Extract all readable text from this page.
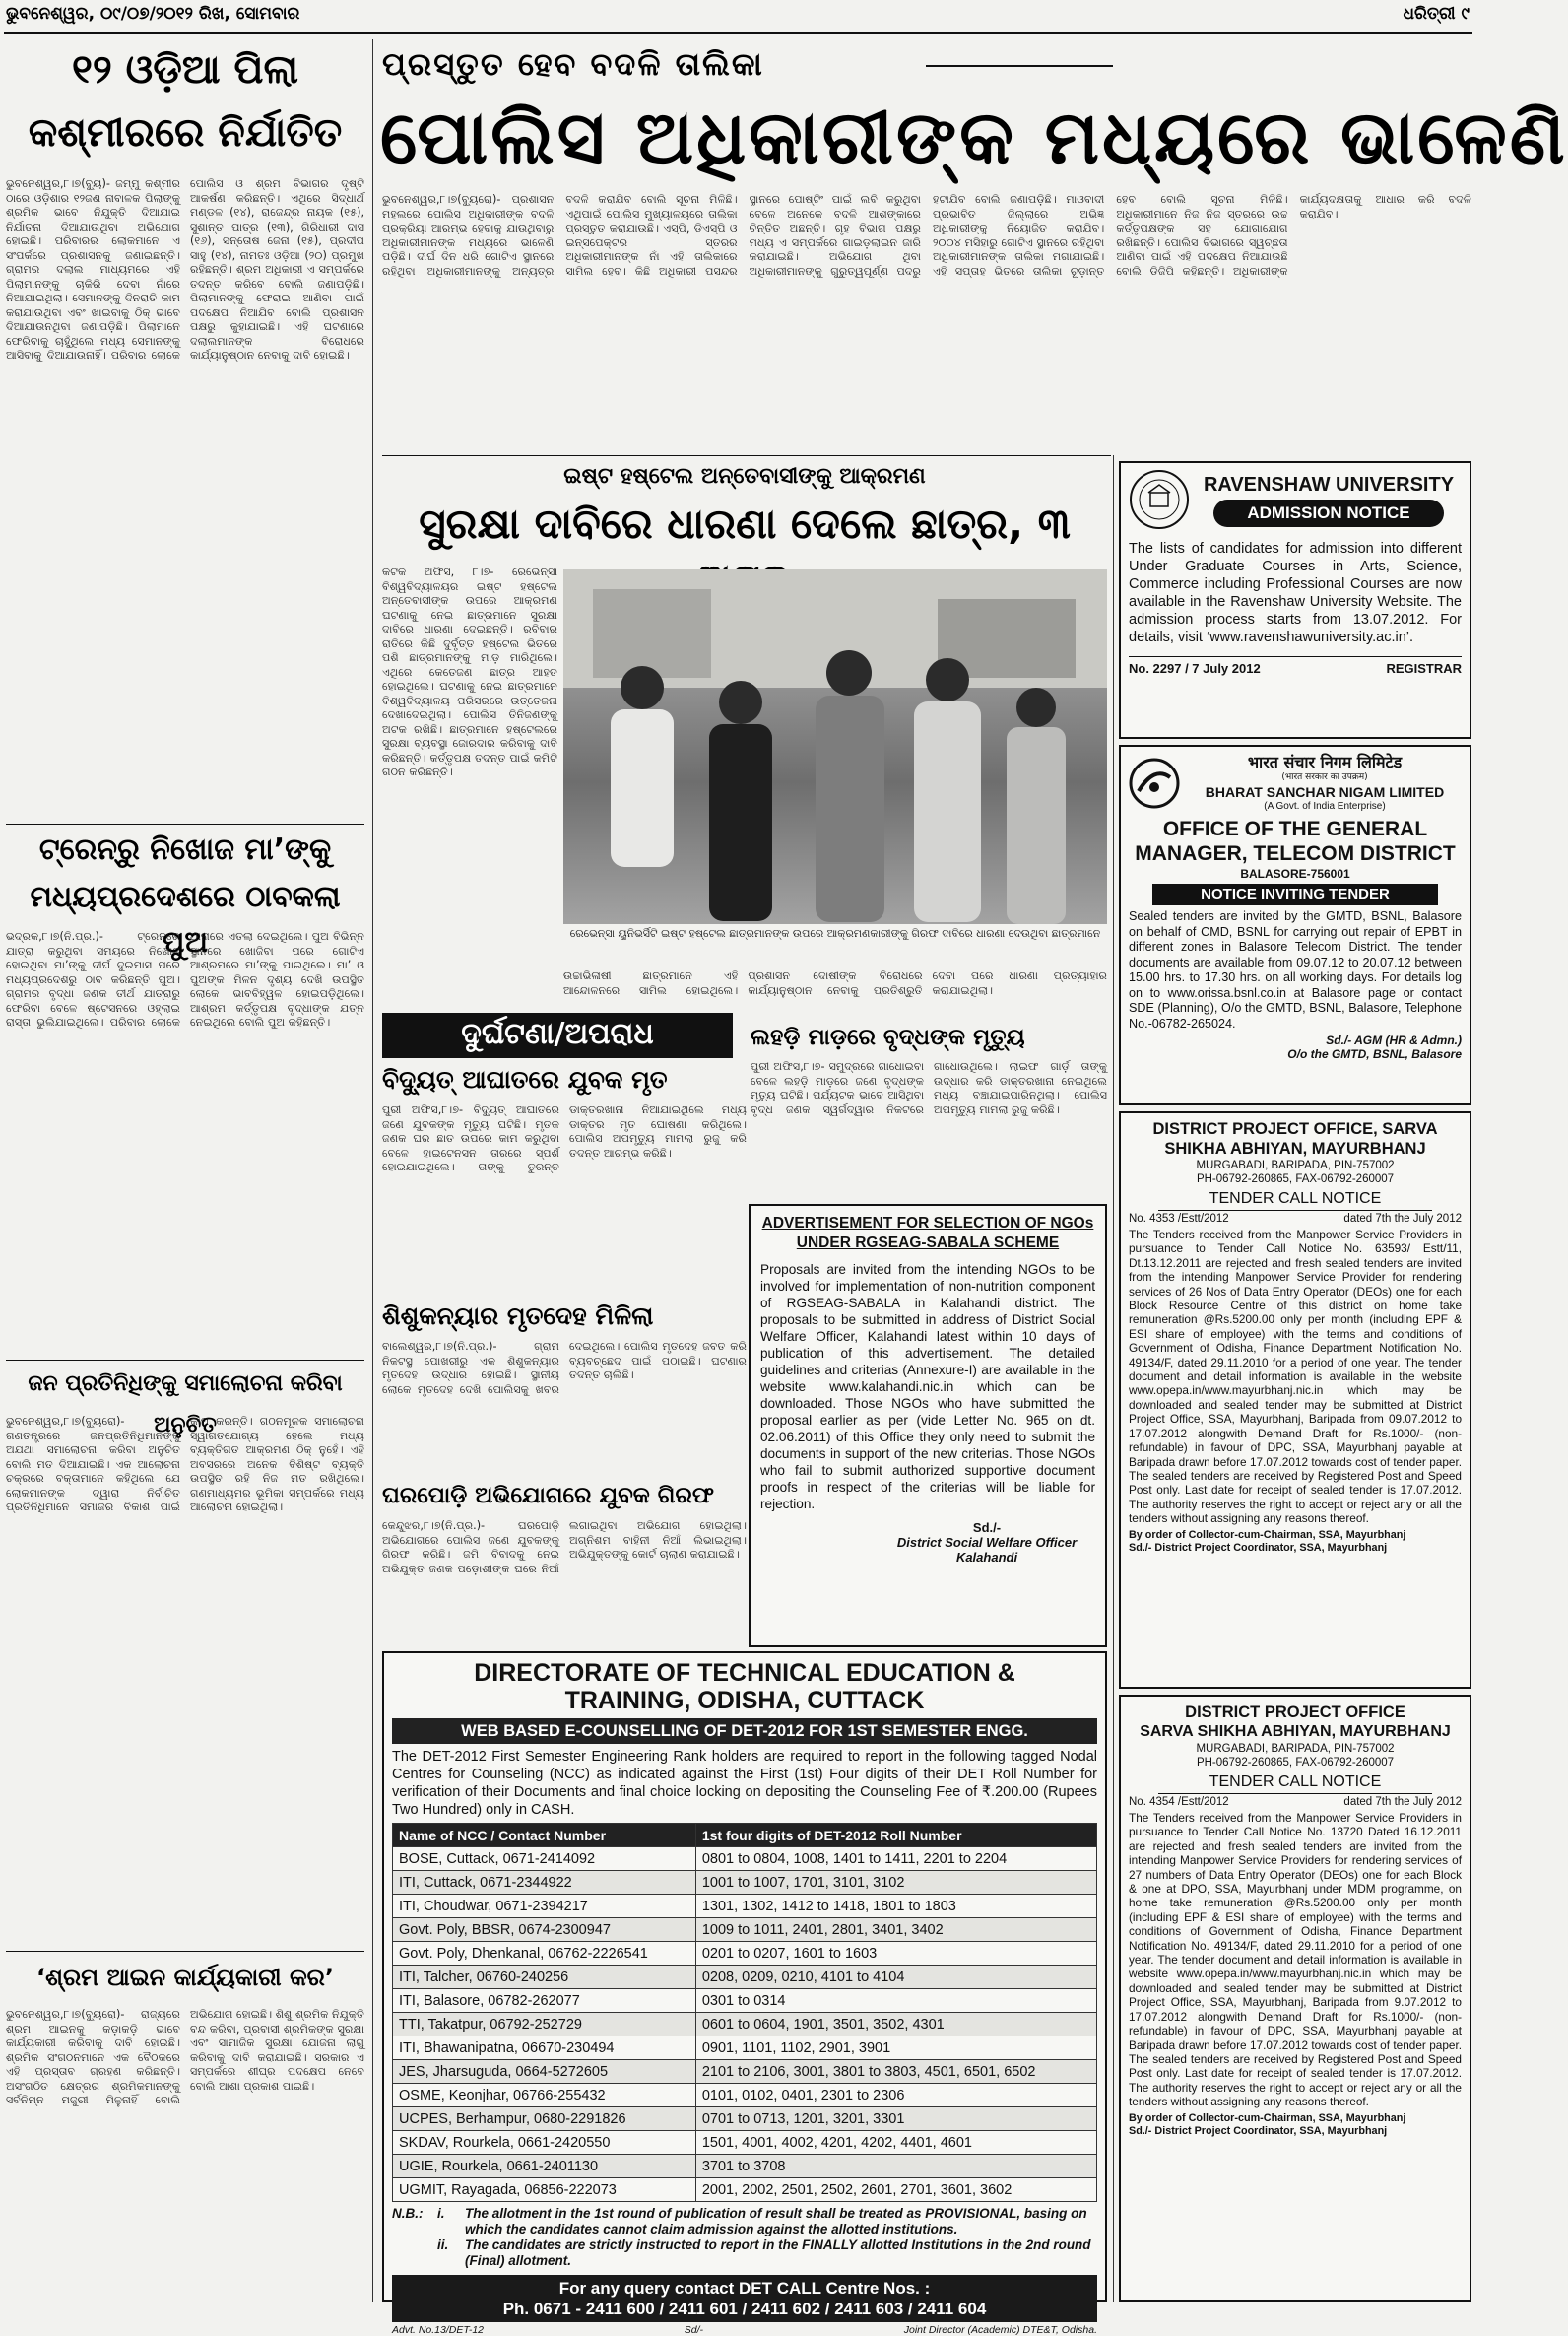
ଭୁବନେଶ୍ୱର, ୦୯/୦୭/୨୦୧୨ ରିଖ, ସୋମବାର	ଧରିତ୍ରୀ ୯
୧୨ ଓଡ଼ିଆ ପିଲା
କଶ୍ମୀରରେ ନିର୍ଯାତିତ
ଭୁବନେଶ୍ୱର,୮।୭(ବ୍ୟୁ)- ଜମ୍ମୁ କଶ୍ମୀର ଠାରେ ଓଡ଼ିଶାର ୧୨ଜଣ ନାବାଳକ ପିଲାଙ୍କୁ ଶ୍ରମିକ ଭାବେ ନିଯୁକ୍ତି ଦିଆଯାଇ ନିର୍ଯାତନା ଦିଆଯାଉଥିବା ଅଭିଯୋଗ ହୋଇଛି। ପରିବାରର ଲୋକମାନେ ଏ ସଂପର୍କରେ ପ୍ରଶାସନକୁ ଜଣାଇଛନ୍ତି। ଗ୍ରାମର ଦଲାଲ ମାଧ୍ୟମରେ ଏହି ପିଲାମାନଙ୍କୁ ଚାକିରି ଦେବା ନାଁରେ ନିଆଯାଇଥିଲା। ସେମାନଙ୍କୁ ଦିନରାତି କାମ କରାଯାଉଥିବା ଏବଂ ଖାଇବାକୁ ଠିକ୍‌ ଭାବେ ଦିଆଯାଉନଥିବା ଜଣାପଡ଼ିଛି। ପିଲାମାନେ ଫେରିବାକୁ ଚାହୁଁଥିଲେ ମଧ୍ୟ ସେମାନଙ୍କୁ ଆସିବାକୁ ଦିଆଯାଉନାହିଁ। ପରିବାର ଲୋକେ ପୋଲିସ ଓ ଶ୍ରମ ବିଭାଗର ଦୃଷ୍ଟି ଆକର୍ଷଣ କରିଛନ୍ତି। ଏଥିରେ ସିଦ୍ଧାର୍ଥ ମଣ୍ଡଳ (୧୪), ରାଜେନ୍ଦ୍ର ନାୟକ (୧୫), ସୁଶାନ୍ତ ପାତ୍ର (୧୩), ଗିରିଧାରୀ ଦାସ (୧୬), ସନ୍ତୋଷ ଜେନା (୧୫), ପ୍ରଦୀପ ସାହୁ (୧୪), ନାମତଃ ଓଡ଼ିଆ (୨୦) ପ୍ରମୁଖ ରହିଛନ୍ତି। ଶ୍ରମ ଅଧିକାରୀ ଏ ସମ୍ପର୍କରେ ତଦନ୍ତ କରିବେ ବୋଲି ଜଣାପଡ଼ିଛି। ପିଲାମାନଙ୍କୁ ଫେରାଇ ଆଣିବା ପାଇଁ ପଦକ୍ଷେପ ନିଆଯିବ ବୋଲି ପ୍ରଶାସନ ପକ୍ଷରୁ କୁହାଯାଇଛି। ଏହି ଘଟଣାରେ ଦଲାଲମାନଙ୍କ ବିରୋଧରେ କାର୍ଯ୍ୟାନୁଷ୍ଠାନ ନେବାକୁ ଦାବି ହୋଇଛି।
ଟ୍ରେନ୍‌ରୁ ନିଖୋଜ ମା’ଙ୍କୁ
ମଧ୍ୟପ୍ରଦେଶରେ ଠାବକଲା ପୁଅ
ଭଦ୍ରକ,୮।୭(ନି.ପ୍ର.)- ଟ୍ରେନ୍‌ରେ ଯାତ୍ରା କରୁଥିବା ସମୟରେ ନିଖୋଜ ହୋଇଥିବା ମା’ଙ୍କୁ ଦୀର୍ଘ ଦୁଇମାସ ପରେ ମଧ୍ୟପ୍ରଦେଶରୁ ଠାବ କରିଛନ୍ତି ପୁଅ। ଗ୍ରାମର ବୃଦ୍ଧା ଜଣକ ତୀର୍ଥ ଯାତ୍ରାରୁ ଫେରିବା ବେଳେ ଷ୍ଟେସନରେ ଓହ୍ଲାଇ ରାସ୍ତା ଭୁଲିଯାଇଥିଲେ। ପରିବାର ଲୋକେ ଥାନାରେ ଏତଲା ଦେଇଥିଲେ। ପୁଅ ବିଭିନ୍ନ ସ୍ଥାନରେ ଖୋଜିବା ପରେ ଗୋଟିଏ ଆଶ୍ରମରେ ମା’ଙ୍କୁ ପାଇଥିଲେ। ମା’ ଓ ପୁଅଙ୍କ ମିଳନ ଦୃଶ୍ୟ ଦେଖି ଉପସ୍ଥିତ ଲୋକେ ଭାବବିହ୍ୱଳ ହୋଇପଡ଼ିଥିଲେ। ଆଶ୍ରମ କର୍ତ୍ତୃପକ୍ଷ ବୃଦ୍ଧାଙ୍କ ଯତ୍ନ ନେଇଥିଲେ ବୋଲି ପୁଅ କହିଛନ୍ତି।
ଜନ ପ୍ରତିନିଧିଙ୍କୁ ସମାଲୋଚନା କରିବା ଅନୁଚିତ
ଭୁବନେଶ୍ୱର,୮।୭(ବ୍ୟୁରୋ)- ଗଣତନ୍ତ୍ରରେ ଜନପ୍ରତିନିଧିମାନଙ୍କୁ ଅଯଥା ସମାଲୋଚନା କରିବା ଅନୁଚିତ ବୋଲି ମତ ଦିଆଯାଇଛି। ଏକ ଆଲୋଚନା ଚକ୍ରରେ ବକ୍ତାମାନେ କହିଥିଲେ ଯେ ଲୋକମାନଙ୍କ ଦ୍ୱାରା ନିର୍ବାଚିତ ପ୍ରତିନିଧିମାନେ ସମାଜର ବିକାଶ ପାଇଁ କାମ କରନ୍ତି। ଗଠନମୂଳକ ସମାଲୋଚନା ସ୍ୱାଗତଯୋଗ୍ୟ ହେଲେ ମଧ୍ୟ ବ୍ୟକ୍ତିଗତ ଆକ୍ରମଣ ଠିକ୍‌ ନୁହେଁ। ଏହି ଅବସରରେ ଅନେକ ବିଶିଷ୍ଟ ବ୍ୟକ୍ତି ଉପସ୍ଥିତ ରହି ନିଜ ମତ ରଖିଥିଲେ। ଗଣମାଧ୍ୟମର ଭୂମିକା ସମ୍ପର୍କରେ ମଧ୍ୟ ଆଲୋଚନା ହୋଇଥିଲା।
‘ଶ୍ରମ ଆଇନ କାର୍ଯ୍ୟକାରୀ କର’
ଭୁବନେଶ୍ୱର,୮।୭(ବ୍ୟୁରୋ)- ରାଜ୍ୟରେ ଶ୍ରମ ଆଇନକୁ କଡ଼ାକଡ଼ି ଭାବେ କାର୍ଯ୍ୟକାରୀ କରିବାକୁ ଦାବି ହୋଇଛି। ଶ୍ରମିକ ସଂଗଠନମାନେ ଏକ ବୈଠକରେ ଏହି ପ୍ରସ୍ତାବ ଗ୍ରହଣ କରିଛନ୍ତି। ଅସଂଗଠିତ କ୍ଷେତ୍ରର ଶ୍ରମିକମାନଙ୍କୁ ସର୍ବନିମ୍ନ ମଜୁରୀ ମିଳୁନାହିଁ ବୋଲି ଅଭିଯୋଗ ହୋଇଛି। ଶିଶୁ ଶ୍ରମିକ ନିଯୁକ୍ତି ବନ୍ଦ କରିବା, ପ୍ରବାସୀ ଶ୍ରମିକଙ୍କ ସୁରକ୍ଷା ଏବଂ ସାମାଜିକ ସୁରକ୍ଷା ଯୋଜନା ଲାଗୁ କରିବାକୁ ଦାବି କରାଯାଇଛି। ସରକାର ଏ ସମ୍ପର୍କରେ ଶୀଘ୍ର ପଦକ୍ଷେପ ନେବେ ବୋଲି ଆଶା ପ୍ରକାଶ ପାଇଛି।
ପ୍ରସ୍ତୁତ ହେବ ବଦଳି ତାଲିକା
ପୋଲିସ ଅଧିକାରୀଙ୍କ ମଧ୍ୟରେ ଭାଳେଣି
ଭୁବନେଶ୍ୱର,୮।୭(ବ୍ୟୁରୋ)- ପ୍ରଶାସନ ମହଲରେ ପୋଲିସ ଅଧିକାରୀଙ୍କ ବଦଳି ପ୍ରକ୍ରିୟା ଆରମ୍ଭ ହେବାକୁ ଯାଉଥିବାରୁ ଅଧିକାରୀମାନଙ୍କ ମଧ୍ୟରେ ଭାଳେଣି ପଡ଼ିଛି। ଦୀର୍ଘ ଦିନ ଧରି ଗୋଟିଏ ସ୍ଥାନରେ ରହିଥିବା ଅଧିକାରୀମାନଙ୍କୁ ଅନ୍ୟତ୍ର ବଦଳି କରାଯିବ ବୋଲି ସୂଚନା ମିଳିଛି। ଏଥିପାଇଁ ପୋଲିସ ମୁଖ୍ୟାଳୟରେ ତାଲିକା ପ୍ରସ୍ତୁତ କରାଯାଉଛି। ଏସ୍‌ପି, ଡିଏସ୍‌ପି ଓ ଇନ୍‌ସପେକ୍ଟର ସ୍ତରର ଅଧିକାରୀମାନଙ୍କ ନାଁ ଏହି ତାଲିକାରେ ସାମିଲ ହେବ। କିଛି ଅଧିକାରୀ ପସନ୍ଦର ସ୍ଥାନରେ ପୋଷ୍ଟିଂ ପାଇଁ ଲବି କରୁଥିବା ବେଳେ ଅନେକେ ବଦଳି ଆଶଙ୍କାରେ ଚିନ୍ତିତ ଅଛନ୍ତି। ଗୃହ ବିଭାଗ ପକ୍ଷରୁ ମଧ୍ୟ ଏ ସମ୍ପର୍କରେ ଗାଇଡ଼ଲାଇନ ଜାରି କରାଯାଇଛି। ଅଭିଯୋଗ ଥିବା ଅଧିକାରୀମାନଙ୍କୁ ଗୁରୁତ୍ୱପୂର୍ଣ୍ଣ ପଦରୁ ହଟାଯିବ ବୋଲି ଜଣାପଡ଼ିଛି। ମାଓବାଦୀ ପ୍ରଭାବିତ ଜିଲ୍ଲାରେ ଅଭିଜ୍ଞ ଅଧିକାରୀଙ୍କୁ ନିୟୋଜିତ କରାଯିବ। ୨୦୦୪ ମସିହାରୁ ଗୋଟିଏ ସ୍ଥାନରେ ରହିଥିବା ଅଧିକାରୀମାନଙ୍କ ତାଲିକା ମଗାଯାଇଛି। ଏହି ସପ୍ତାହ ଭିତରେ ତାଲିକା ଚୂଡ଼ାନ୍ତ ହେବ ବୋଲି ସୂଚନା ମିଳିଛି। ଅଧିକାରୀମାନେ ନିଜ ନିଜ ସ୍ତରରେ ଉଚ୍ଚ କର୍ତ୍ତୃପକ୍ଷଙ୍କ ସହ ଯୋଗାଯୋଗ ରଖିଛନ୍ତି। ପୋଲିସ ବିଭାଗରେ ସ୍ୱଚ୍ଛତା ଆଣିବା ପାଇଁ ଏହି ପଦକ୍ଷେପ ନିଆଯାଉଛି ବୋଲି ଡିଜିପି କହିଛନ୍ତି। ଅଧିକାରୀଙ୍କ କାର୍ଯ୍ୟଦକ୍ଷତାକୁ ଆଧାର କରି ବଦଳି କରାଯିବ।
ଇଷ୍ଟ ହଷ୍ଟେଲ ଅନ୍ତେବାସୀଙ୍କୁ ଆକ୍ରମଣ
ସୁରକ୍ଷା ଦାବିରେ ଧାରଣା ଦେଲେ ଛାତ୍ର, ୩
କଟକ ଅଫିସ, ୮।୭- ରେଭେନ୍ସା ବିଶ୍ୱବିଦ୍ୟାଳୟର ଇଷ୍ଟ ହଷ୍ଟେଲ ଅନ୍ତେବାସୀଙ୍କ ଉପରେ ଆକ୍ରମଣ ଘଟଣାକୁ ନେଇ ଛାତ୍ରମାନେ ସୁରକ୍ଷା ଦାବିରେ ଧାରଣା ଦେଇଛନ୍ତି। ରବିବାର ରାତିରେ କିଛି ଦୁର୍ବୃତ୍ତ ହଷ୍ଟେଲ ଭିତରେ ପଶି ଛାତ୍ରମାନଙ୍କୁ ମାଡ଼ ମାରିଥିଲେ। ଏଥିରେ କେତେଜଣ ଛାତ୍ର ଆହତ ହୋଇଥିଲେ। ଘଟଣାକୁ ନେଇ ଛାତ୍ରମାନେ ବିଶ୍ୱବିଦ୍ୟାଳୟ ପରିସରରେ ଉତ୍ତେଜନା ଦେଖାଦେଇଥିଲା। ପୋଲିସ ତିନିଜଣଙ୍କୁ ଅଟକ ରଖିଛି। ଛାତ୍ରମାନେ ହଷ୍ଟେଲରେ ସୁରକ୍ଷା ବ୍ୟବସ୍ଥା ଜୋରଦାର କରିବାକୁ ଦାବି କରିଛନ୍ତି। କର୍ତ୍ତୃପକ୍ଷ ତଦନ୍ତ ପାଇଁ କମିଟି ଗଠନ କରିଛନ୍ତି।
ରେଭେନ୍ସା ୟୁନିଭର୍ସିଟି ଇଷ୍ଟ ହଷ୍ଟେଲ ଛାତ୍ରମାନଙ୍କ ଉପରେ ଆକ୍ରମଣକାରୀଙ୍କୁ ଗିରଫ ଦାବିରେ ଧାରଣା ଦେଉଥିବା ଛାତ୍ରମାନେ
ଉଚ୍ଚାଭିଳାଷୀ ଛାତ୍ରମାନେ ଏହି ଆନ୍ଦୋଳନରେ ସାମିଲ ହୋଇଥିଲେ। ପ୍ରଶାସନ ଦୋଷୀଙ୍କ ବିରୋଧରେ କାର୍ଯ୍ୟାନୁଷ୍ଠାନ ନେବାକୁ ପ୍ରତିଶ୍ରୁତି ଦେବା ପରେ ଧାରଣା ପ୍ରତ୍ୟାହାର କରାଯାଇଥିଲା।
ଦୁର୍ଘଟଣା/ଅପରାଧ
ବିଦ୍ୟୁତ୍ ଆଘାତରେ ଯୁବକ ମୃତ
ପୁରୀ ଅଫିସ,୮।୭- ବିଦ୍ୟୁତ୍ ଆଘାତରେ ଜଣେ ଯୁବକଙ୍କ ମୃତ୍ୟୁ ଘଟିଛି। ମୃତକ ଜଣକ ଘର ଛାତ ଉପରେ କାମ କରୁଥିବା ବେଳେ ହାଇଟେନସନ ତାରରେ ସ୍ପର୍ଶ ହୋଇଯାଇଥିଲେ। ତାଙ୍କୁ ତୁରନ୍ତ ଡାକ୍ତରଖାନା ନିଆଯାଇଥିଲେ ମଧ୍ୟ ଡାକ୍ତର ମୃତ ଘୋଷଣା କରିଥିଲେ। ପୋଲିସ ଅପମୃତ୍ୟୁ ମାମଲା ରୁଜୁ କରି ତଦନ୍ତ ଆରମ୍ଭ କରିଛି।
ଶିଶୁକନ୍ୟାର ମୃତଦେହ ମିଳିଲା
ବାଲେଶ୍ୱର,୮।୭(ନି.ପ୍ର.)- ଗ୍ରାମ ନିକଟସ୍ଥ ପୋଖରୀରୁ ଏକ ଶିଶୁକନ୍ୟାର ମୃତଦେହ ଉଦ୍ଧାର ହୋଇଛି। ସ୍ଥାନୀୟ ଲୋକେ ମୃତଦେହ ଦେଖି ପୋଲିସକୁ ଖବର ଦେଇଥିଲେ। ପୋଲିସ ମୃତଦେହ ଜବତ କରି ବ୍ୟବଚ୍ଛେଦ ପାଇଁ ପଠାଇଛି। ଘଟଣାର ତଦନ୍ତ ଚାଲିଛି।
ଘରପୋଡ଼ି ଅଭିଯୋଗରେ ଯୁବକ ଗିରଫ
କେନ୍ଦୁଝର,୮।୭(ନି.ପ୍ର.)- ଘରପୋଡ଼ି ଅଭିଯୋଗରେ ପୋଲିସ ଜଣେ ଯୁବକଙ୍କୁ ଗିରଫ କରିଛି। ଜମି ବିବାଦକୁ ନେଇ ଅଭିଯୁକ୍ତ ଜଣକ ପଡ଼ୋଶୀଙ୍କ ଘରେ ନିଆଁ ଲଗାଇଥିବା ଅଭିଯୋଗ ହୋଇଥିଲା। ଅଗ୍ନିଶମ ବାହିନୀ ନିଆଁ ଲିଭାଇଥିଲା। ଅଭିଯୁକ୍ତଙ୍କୁ କୋର୍ଟ ଚାଲାଣ କରାଯାଇଛି।
ଲହଡ଼ି ମାଡ଼ରେ ବୃଦ୍ଧଙ୍କ ମୃତ୍ୟୁ
ପୁରୀ ଅଫିସ,୮।୭- ସମୁଦ୍ରରେ ଗାଧୋଇବା ବେଳେ ଲହଡ଼ି ମାଡ଼ରେ ଜଣେ ବୃଦ୍ଧଙ୍କ ମୃତ୍ୟୁ ଘଟିଛି। ପର୍ଯ୍ୟଟକ ଭାବେ ଆସିଥିବା ବୃଦ୍ଧ ଜଣକ ସ୍ୱର୍ଗଦ୍ୱାର ନିକଟରେ ଗାଧୋଉଥିଲେ। ଲାଇଫ ଗାର୍ଡ଼ ତାଙ୍କୁ ଉଦ୍ଧାର କରି ଡାକ୍ତରଖାନା ନେଇଥିଲେ ମଧ୍ୟ ବଞ୍ଚାଯାଇପାରିନଥିଲା। ପୋଲିସ ଅପମୃତ୍ୟୁ ମାମଲା ରୁଜୁ କରିଛି।
ADVERTISEMENT FOR SELECTION OF NGOs UNDER RGSEAG-SABALA SCHEME

Proposals are invited from the intending NGOs to be involved for implementation of non-nutrition component of RGSEAG-SABALA in Kalahandi district. The proposals to be submitted in address of District Social Welfare Officer, Kalahandi latest within 10 days of publication of this advertisement. The detailed guidelines and criterias (Annexure-I) are available in the website www.kalahandi.nic.in which can be downloaded. Those NGOs who have submitted the proposal earlier as per (vide Letter No. 965 on dt. 02.06.2011) of this Office they only need to submit the documents in support of the new criterias. Those NGOs who fail to submit authorized supportive document proofs in respect of the criterias will be liable for rejection.

Sd./-
District Social Welfare Officer
Kalahandi
DIRECTORATE OF TECHNICAL EDUCATION &
TRAINING, ODISHA, CUTTACK
WEB BASED E-COUNSELLING OF DET-2012 FOR 1ST SEMESTER ENGG.
The DET-2012 First Semester Engineering Rank holders are required to report in the following tagged Nodal Centres for Counseling (NCC) as indicated against the First (1st) Four digits of their DET Roll Number for verification of their Documents and final choice locking on depositing the Counseling Fee of ₹.200.00 (Rupees Two Hundred) only in CASH.
Name of NCC / Contact Number	1st four digits of DET-2012 Roll Number
BOSE, Cuttack, 0671-2414092	0801 to 0804, 1008, 1401 to 1411, 2201 to 2204
ITI, Cuttack, 0671-2344922	1001 to 1007, 1701, 3101, 3102
ITI, Choudwar, 0671-2394217	1301, 1302, 1412 to 1418, 1801 to 1803
Govt. Poly, BBSR, 0674-2300947	1009 to 1011, 2401, 2801, 3401, 3402
Govt. Poly, Dhenkanal, 06762-2226541	0201 to 0207, 1601 to 1603
ITI, Talcher, 06760-240256	0208, 0209, 0210, 4101 to 4104
ITI, Balasore, 06782-262077	0301 to 0314
TTI, Takatpur, 06792-252729	0601 to 0604, 1901, 3501, 3502, 4301
ITI, Bhawanipatna, 06670-230494	0901, 1101, 1102, 2901, 3901
JES, Jharsuguda, 0664-5272605	2101 to 2106, 3001, 3801 to 3803, 4501, 6501, 6502
OSME, Keonjhar, 06766-255432	0101, 0102, 0401, 2301 to 2306
UCPES, Berhampur, 0680-2291826	0701 to 0713, 1201, 3201, 3301
SKDAV, Rourkela, 0661-2420550	1501, 4001, 4002, 4201, 4202, 4401, 4601
UGIE, Rourkela, 0661-2401130	3701 to 3708
UGMIT, Rayagada, 06856-222073	2001, 2002, 2501, 2502, 2601, 2701, 3601, 3602
N.B.:	i.	The allotment in the 1st round of publication of result shall be treated as PROVISIONAL, basing on which the candidates cannot claim admission against the allotted institutions.
ii.	The candidates are strictly instructed to report in the FINALLY allotted Institutions in the 2nd round (Final) allotment.
For any query contact DET CALL Centre Nos. :
Ph. 0671 - 2411 600 / 2411 601 / 2411 602 / 2411 603 / 2411 604
Advt. No.13/DET-12	Sd/-	Joint Director (Academic) DTE&T, Odisha.
RAVENSHAW UNIVERSITY
ADMISSION NOTICE

The lists of candidates for admission into different Under Graduate Courses in Arts, Science, Commerce including Professional Courses are now available in the Ravenshaw University Website. The admission process starts from 13.07.2012. For details, visit ‘www.ravenshawuniversity.ac.in’.

No. 2297 / 7 July 2012	REGISTRAR
भारत संचार निगम लिमिटेड
(भारत सरकार का उपक्रम)
BHARAT SANCHAR NIGAM LIMITED
(A Govt. of India Enterprise)
OFFICE OF THE GENERAL
MANAGER, TELECOM DISTRICT
BALASORE-756001
NOTICE INVITING TENDER

Sealed tenders are invited by the GMTD, BSNL, Balasore on behalf of CMD, BSNL for carrying out repair of EPBT in different zones in Balasore Telecom District. The tender documents are available from 09.07.12 to 20.07.12 between 15.00 hrs. to 17.30 hrs. on all working days. For details log on to www.orissa.bsnl.co.in at Balasore page or contact SDE (Planning), O/o the GMTD, BSNL, Balasore, Telephone No.-06782-265024.

Sd./- AGM (HR & Admn.)
O/o the GMTD, BSNL, Balasore
DISTRICT PROJECT OFFICE, SARVA
SHIKHA ABHIYAN, MAYURBHANJ
MURGABADI, BARIPADA, PIN-757002
PH-06792-260865, FAX-06792-260007
TENDER CALL NOTICE
No. 4353 /Estt/2012	dated 7th the July 2012

The Tenders received from the Manpower Service Providers in pursuance to Tender Call Notice No. 63593/ Estt/11, Dt.13.12.2011 are rejected and fresh sealed tenders are invited from the intending Manpower Service Provider for rendering services of 26 Nos of Data Entry Operator (DEOs) one for each Block Resource Centre of this district on home take remuneration @Rs.5200.00 only per month (including EPF & ESI share of employee) with the terms and conditions of Government of Odisha, Finance Department Notification No. 49134/F, dated 29.11.2010 for a period of one year. The tender document and detail information is available in the website www.opepa.in/www.mayurbhanj.nic.in which may be downloaded and sealed tender may be submitted at District Project Office, SSA, Mayurbhanj, Baripada from 09.07.2012 to 17.07.2012 alongwith Demand Draft for Rs.1000/- (non-refundable) in favour of DPC, SSA, Mayurbhanj payable at Baripada drawn before 17.07.2012 towards cost of tender paper. The sealed tenders are received by Registered Post and Speed Post only. Last date for receipt of sealed tender is 17.07.2012. The authority reserves the right to accept or reject any or all the tenders without assigning any reasons thereof.

By order of Collector-cum-Chairman, SSA, Mayurbhanj
Sd./- District Project Coordinator, SSA, Mayurbhanj
DISTRICT PROJECT OFFICE
SARVA SHIKHA ABHIYAN, MAYURBHANJ
MURGABADI, BARIPADA, PIN-757002
PH-06792-260865, FAX-06792-260007
TENDER CALL NOTICE
No. 4354 /Estt/2012	dated 7th the July 2012

The Tenders received from the Manpower Service Providers in pursuance to Tender Call Notice No. 13720 Dated 16.12.2011 are rejected and fresh sealed tenders are invited from the intending Manpower Service Providers for rendering services of 27 numbers of Data Entry Operator (DEOs) one for each Block & one at DPO, SSA, Mayurbhanj under MDM programme, on home take remuneration @Rs.5200.00 only per month (including EPF & ESI share of employee) with the terms and conditions of Government of Odisha, Finance Department Notification No. 49134/F, dated 29.11.2010 for a period of one year. The tender document and detail information is available in website www.opepa.in/www.mayurbhanj.nic.in which may be downloaded and sealed tender may be submitted at District Project Office, SSA, Mayurbhanj, Baripada from 9.07.2012 to 17.07.2012 alongwith Demand Draft for Rs.1000/- (non-refundable) in favour of DPC, SSA, Mayurbhanj payable at Baripada drawn before 17.07.2012 towards cost of tender paper. The sealed tenders are received by Registered Post and Speed Post only. Last date for receipt of sealed tender is 17.07.2012. The authority reserves the right to accept or reject any or all the tenders without assigning any reasons thereof.

By order of Collector-cum-Chairman, SSA, Mayurbhanj
Sd./- District Project Coordinator, SSA, Mayurbhanj
